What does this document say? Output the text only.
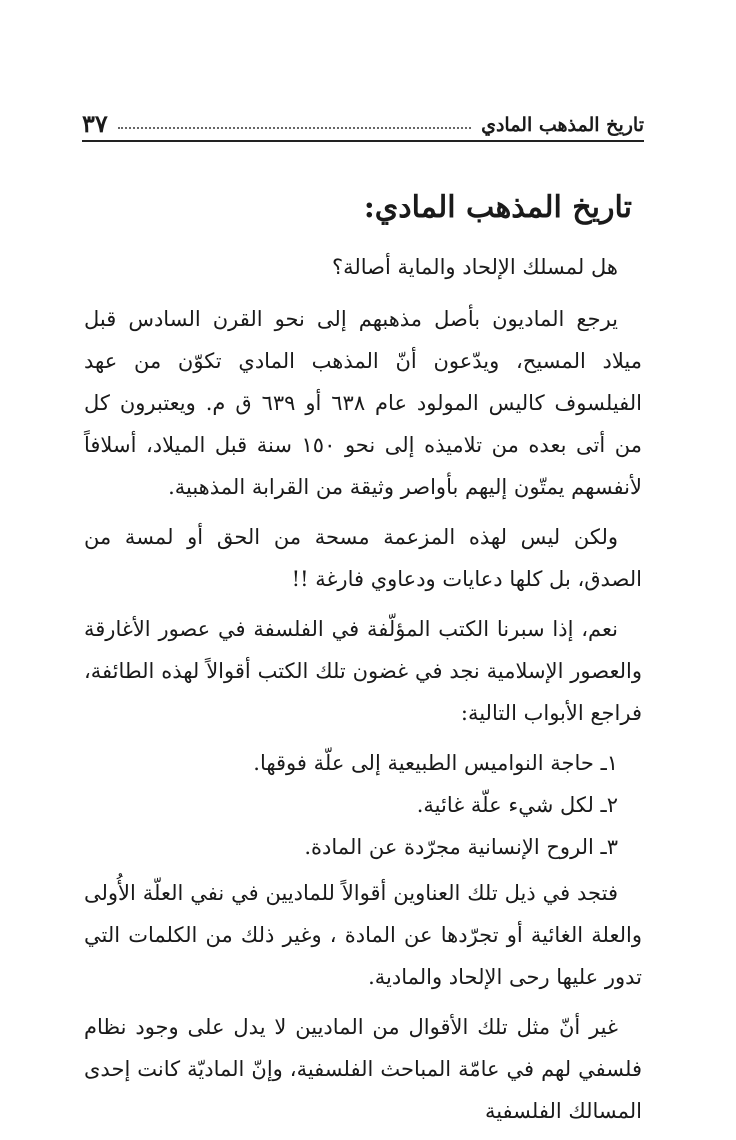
تاريخ المذهب المادي
٣٧
تاريخ المذهب المادي:

هل لمسلك الإلحاد والماية أصالة؟

يرجع الماديون بأصل مذهبهم إلى نحو القرن السادس قبل ميلاد المسيح، ويدّعون أنّ المذهب المادي تكوّن من عهد الفيلسوف كاليس المولود عام ٦٣٨ أو ٦٣٩ ق م. ويعتبرون كل من أتى بعده من تلاميذه إلى نحو ١٥٠ سنة قبل الميلاد، أسلافاً لأنفسهم يمتّون إليهم بأواصر وثيقة من القرابة المذهبية.

ولكن ليس لهذه المزعمة مسحة من الحق أو لمسة من الصدق، بل كلها دعايات ودعاوي فارغة !!

نعم، إذا سبرنا الكتب المؤلّفة في الفلسفة في عصور الأغارقة والعصور الإسلامية نجد في غضون تلك الكتب أقوالاً لهذه الطائفة، فراجع الأبواب التالية:

١ـ حاجة النواميس الطبيعية إلى علّة فوقها.

٢ـ لكل شيء علّة غائية.

٣ـ الروح الإنسانية مجرّدة عن المادة.

فتجد في ذيل تلك العناوين أقوالاً للماديين في نفي العلّة الأُولى والعلة الغائية أو تجرّدها عن المادة ، وغير ذلك من الكلمات التي تدور عليها رحى الإلحاد والمادية.

غير أنّ مثل تلك الأقوال من الماديين لا يدل على وجود نظام فلسفي لهم في عامّة المباحث الفلسفية، وإنّ الماديّة كانت إحدى المسالك الفلسفية
